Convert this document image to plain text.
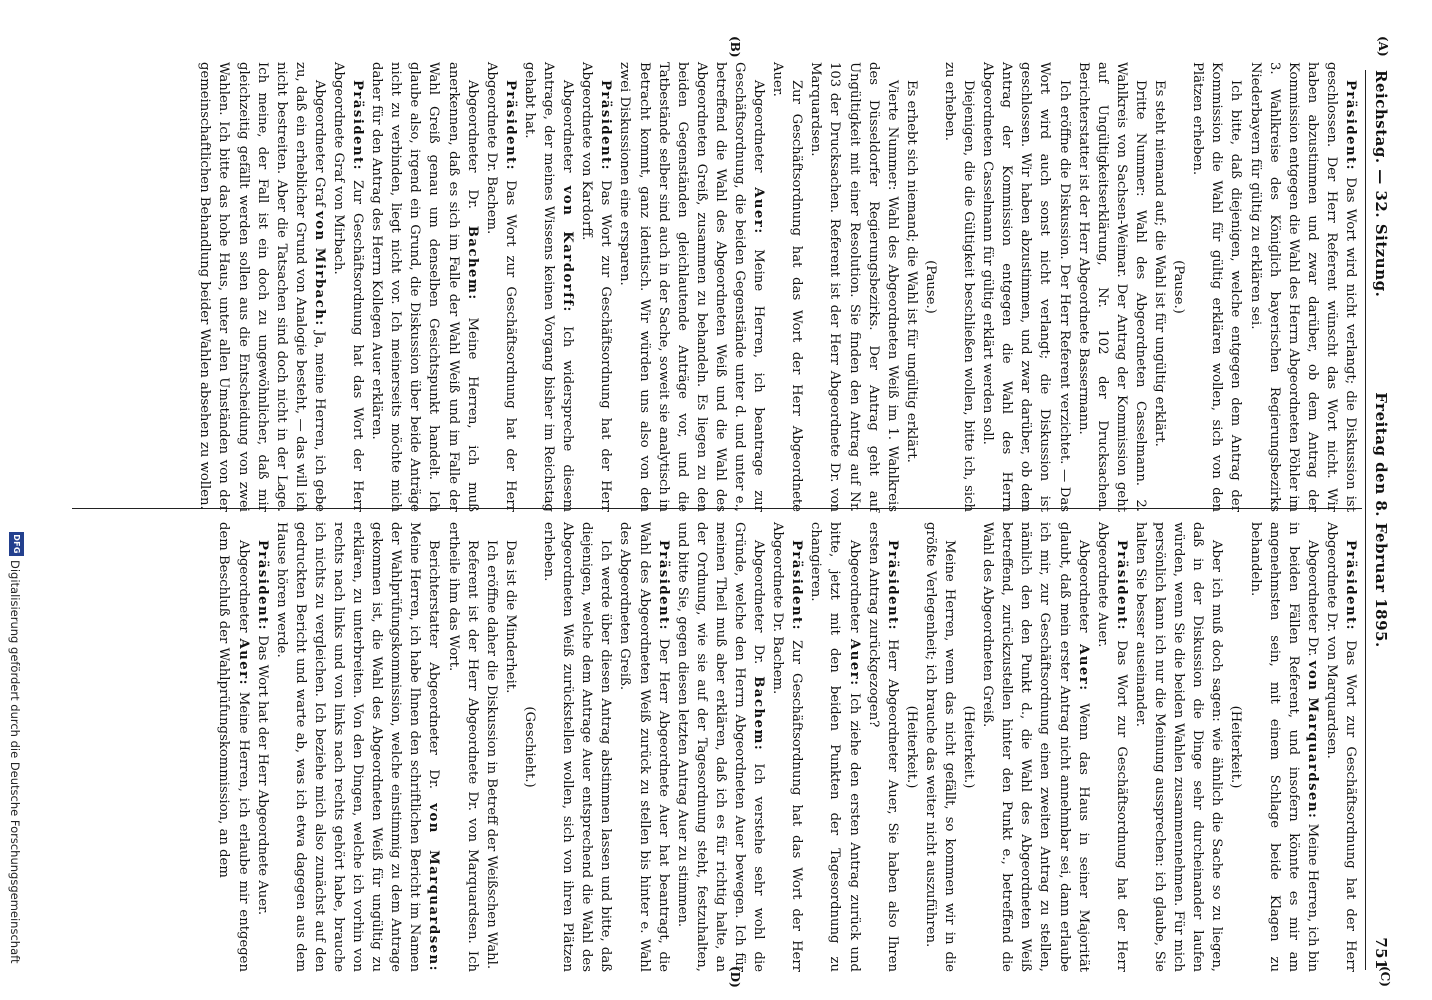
(A)
(B)
(C)
(D)
Reichstag. — 32. Sitzung.
Freitag den 8. Februar 1895.
751

Präsident: Das Wort wird nicht verlangt; die Diskussion ist geschlossen. Der Herr Referent wünscht das Wort nicht. Wir haben abzustimmen und zwar darüber, ob dem Antrag der Kommission entgegen die Wahl des Herrn Abgeordneten Pöhler im 3. Wahlkreise des Königlich bayerischen Regierungsbezirks Niederbayern für gültig zu erklären sei.

Ich bitte, daß diejenigen, welche entgegen dem Antrag der Kommission die Wahl für gültig erklären wollen, sich von den Plätzen erheben.

(Pause.)

Es steht niemand auf; die Wahl ist für ungültig erklärt.

Dritte Nummer: Wahl des Abgeordneten Casselmann. 2. Wahlkreis von Sachsen-Weimar. Der Antrag der Kommission geht auf Ungültigkeitserklärung, Nr. 102 der Drucksachen. Berichterstatter ist der Herr Abgeordnete Bassermann.

Ich eröffne die Diskussion. Der Herr Referent verzichtet. — Das Wort wird auch sonst nicht verlangt; die Diskussion ist geschlossen. Wir haben abzustimmen, und zwar darüber, ob dem Antrag der Kommission entgegen die Wahl des Herrn Abgeordneten Casselmann für gültig erklärt werden soll.

Diejenigen, die die Gültigkeit beschließen wollen, bitte ich, sich zu erheben.

(Pause.)

Es erhebt sich niemand; die Wahl ist für ungültig erklärt.

Vierte Nummer: Wahl des Abgeordneten Weiß im 1. Wahlkreis des Düsseldorfer Regierungsbezirks. Der Antrag geht auf Ungültigkeit mit einer Resolution. Sie finden den Antrag auf Nr. 103 der Drucksachen. Referent ist der Herr Abgeordnete Dr. von Marquardsen.

Zur Geschäftsordnung hat das Wort der Herr Abgeordnete Auer.

Abgeordneter Auer: Meine Herren, ich beantrage zur Geschäftsordnung, die beiden Gegenstände unter d. und unter e., betreffend die Wahl des Abgeordneten Weiß und die Wahl des Abgeordneten Greiß, zusammen zu behandeln. Es liegen zu den beiden Gegenständen gleichlautende Anträge vor, und die Tatbestände selber sind auch in der Sache, soweit sie analytisch in Betracht kommt, ganz identisch. Wir würden uns also von den zwei Diskussionen eine ersparen.

Präsident: Das Wort zur Geschäftsordnung hat der Herr Abgeordnete von Kardorff.

Abgeordneter von Kardorff: Ich widerspreche diesem Antrage, der meines Wissens keinen Vorgang bisher im Reichstag gehabt hat.

Präsident: Das Wort zur Geschäftsordnung hat der Herr Abgeordnete Dr. Bachem.

Abgeordneter Dr. Bachem: Meine Herren, ich muß anerkennen, daß es sich im Falle der Wahl Weiß und im Falle der Wahl Greiß genau um denselben Gesichtspunkt handelt. Ich glaube also, irgend ein Grund, die Diskussion über beide Anträge nicht zu verbinden, liegt nicht vor. Ich meinerseits möchte mich daher für den Antrag des Herrn Kollegen Auer erklären.

Präsident: Zur Geschäftsordnung hat das Wort der Herr Abgeordnete Graf von Mirbach.

Abgeordneter Graf von Mirbach: Ja, meine Herren, ich gebe zu, daß ein erheblicher Grund von Analogie besteht, — das will ich nicht bestreiten. Aber die Tatsachen sind doch nicht in der Lage. Ich meine, der Fall ist ein doch zu ungewöhnlicher, daß mir gleichzeitig gefällt werden sollen aus die Entscheidung von zwei Wahlen. Ich bitte das hohe Haus, unter allen Umständen von der gemeinschaftlichen Behandlung beider Wahlen absehen zu wollen.

Präsident: Das Wort zur Geschäftsordnung hat der Herr Abgeordnete Dr. von Marquardsen.

Abgeordneter Dr. von Marquardsen: Meine Herren, ich bin in beiden Fällen Referent, und insofern könnte es mir am angenehmsten sein, mit einem Schlage beide Klagen zu behandeln.

(Heiterkeit.)

Aber ich muß doch sagen: wie ähnlich die Sache so zu liegen, daß in der Diskussion die Dinge sehr durcheinander laufen würden, wenn Sie die beiden Wahlen zusammennehmen. Für mich persönlich kann ich nur die Meinung aussprechen: ich glaube, Sie halten Sie besser auseinander.

Präsident: Das Wort zur Geschäftsordnung hat der Herr Abgeordnete Auer.

Abgeordneter Auer: Wenn das Haus in seiner Majorität glaubt, daß mein erster Antrag nicht annehmbar sei, dann erlaube ich mir, zur Geschäftsordnung einen zweiten Antrag zu stellen, nämlich den den Punkt d., die Wahl des Abgeordneten Weiß betreffend, zurückzustellen hinter den Punkt e., betreffend die Wahl des Abgeordneten Greiß.

(Heiterkeit.)

Meine Herren, wenn das nicht gefällt, so kommen wir in die größte Verlegenheit; ich brauche das weiter nicht auszuführen.

(Heiterkeit.)

Präsident: Herr Abgeordneter Auer, Sie haben also Ihren ersten Antrag zurückgezogen?

Abgeordneter Auer: Ich ziehe den ersten Antrag zurück und bitte, jetzt mit den beiden Punkten der Tagesordnung zu changieren.

Präsident: Zur Geschäftsordnung hat das Wort der Herr Abgeordnete Dr. Bachem.

Abgeordneter Dr. Bachem: Ich verstehe sehr wohl die Gründe, welche den Herrn Abgeordneten Auer bewegen. Ich für meinen Theil muß aber erklären, daß ich es für richtig halte, an der Ordnung, wie sie auf der Tagesordnung steht, festzuhalten, und bitte Sie, gegen diesen letzten Antrag Auer zu stimmen.

Präsident: Der Herr Abgeordnete Auer hat beantragt, die Wahl des Abgeordneten Weiß zurück zu stellen bis hinter e. Wahl des Abgeordneten Greiß.

Ich werde über diesen Antrag abstimmen lassen und bitte, daß diejenigen, welche dem Antrage Auer entsprechend die Wahl des Abgeordneten Weiß zurückstellen wollen, sich von ihren Plätzen erheben.

(Geschieht.)

Das ist die Minderheit.

Ich eröffne daher die Diskussion in Betreff der Weißschen Wahl.

Referent ist der Herr Abgeordnete Dr. von Marquardsen. Ich ertheile ihm das Wort.

Berichterstatter Abgeordneter Dr. von Marquardsen: Meine Herren, ich habe Ihnen den schriftlichen Bericht im Namen der Wahlprüfungskommission, welche einstimmig zu dem Antrage gekommen ist, die Wahl des Abgeordneten Weiß für ungültig zu erklären, zu unterbreiten. Von den Dingen, welche ich vorhin von rechts nach links und von links nach rechts gehört habe, brauche ich nichts zu vergleichen. Ich beziehe mich also zunächst auf den gedruckten Bericht und warte ab, was ich etwa dagegen aus dem Hause hören werde.

Präsident: Das Wort hat der Herr Abgeordnete Auer.

Abgeordneter Auer: Meine Herren, ich erlaube mir entgegen dem Beschluß der Wahlprüfungskommission, an dem

DFG
Digitalisierung gefördert durch die Deutsche Forschungsgemeinschaft
